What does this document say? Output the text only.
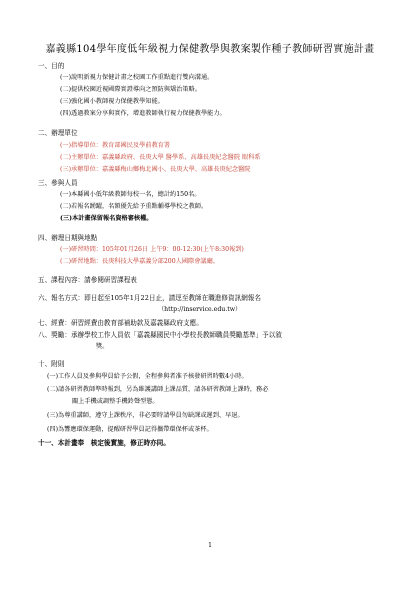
嘉義縣104學年度低年級視力保健教學與教案製作種子教師研習實施計畫
一、目的
(一)說明新視力保健計畫之校園工作重點進行雙向溝通。
(二)提供校園近視國際實證導向之預防與矯治策略。
(三)強化國小教師視力保健教學知能。
(四)透過教案分享與實作，增進教師執行視力保健教學能力。
二、辦理單位
(一)指導單位：教育部國民及學前教育署
(二)主辦單位：嘉義縣政府、長庚大學 醫學系、高雄長庚紀念醫院 眼科系
(三)承辦單位：嘉義縣梅山鄉梅北國小、長庚大學、高雄長庚紀念醫院
三、參與人員
(一)本縣國小低年級教師每校一名，總計約150名。
(二)若報名踴躍，名額優先給予重點輔導學校之教師。
(三)本計畫保留報名資格審核權。
四、辦理日期與地點
(一)研習時間：105年01月26日 上午9：00-12:30(上午8:30報到)
(二)研習地點：長庚科技大學嘉義分部200人國際會議廳。
五、課程內容：請參閱研習課程表
六、報名方式：即日起至105年1月22日止，請逕至教師在職進修資訊網報名
（http://inservice.edu.tw）
七、經費：研習經費由教育部補助款及嘉義縣政府支應。
八、獎勵：承辦學校工作人員依「嘉義縣國民中小學校長教師職員獎勵基準」予以敘
獎。
十、附則
(一)工作人員及參與學員給予公假，全程參與者准予核發研習時數4小時。
(二)請各研習教師準時報到，另為維護講師上課品質，請各研習教師上課時，務必
關上手機或調整手機鈴聲型態。
(三)為尊重講師，遵守上課秩序，非必要時請學員勿缺課或遲到、早退。
(四)為響應環保運動，提醒研習學員記得攜帶環保杯或茶杯。
十一、本計畫奉　核定後實施，修正時亦同。
1
